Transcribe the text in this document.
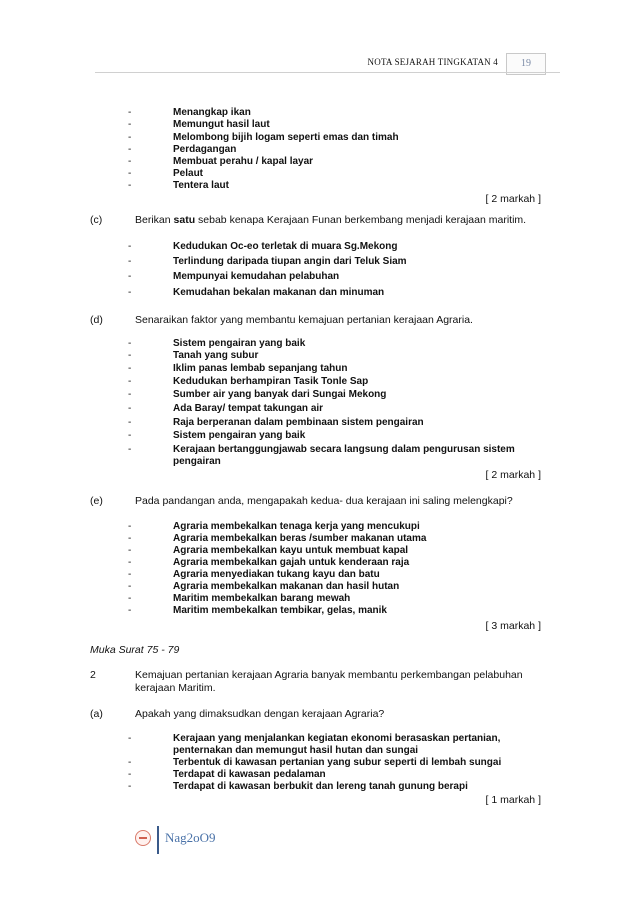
NOTA SEJARAH TINGKATAN 4	19
-	Menangkap ikan
-	Memungut hasil laut
-	Melombong bijih logam seperti emas dan timah
-	Perdagangan
-	Membuat perahu / kapal layar
-	Pelaut
-	Tentera laut
[ 2 markah ]
(c)	Berikan satu sebab kenapa Kerajaan Funan berkembang menjadi kerajaan maritim.
-	Kedudukan Oc-eo terletak di muara Sg.Mekong
-	Terlindung daripada tiupan angin dari Teluk Siam
-	Mempunyai kemudahan pelabuhan
-	Kemudahan bekalan makanan dan minuman
(d)	Senaraikan faktor yang membantu kemajuan pertanian kerajaan Agraria.
-	Sistem pengairan yang baik
-	Tanah yang subur
-	Iklim panas lembab sepanjang tahun
-	Kedudukan berhampiran Tasik Tonle Sap
-	Sumber air yang banyak dari Sungai Mekong
-	Ada Baray/ tempat takungan air
-	Raja berperanan dalam pembinaan sistem pengairan
-	Sistem pengairan yang baik
-	Kerajaan bertanggungjawab secara langsung dalam pengurusan sistem
pengairan
[ 2 markah ]
(e)	Pada pandangan anda, mengapakah kedua- dua kerajaan ini saling melengkapi?
-	Agraria membekalkan tenaga kerja yang mencukupi
-	Agraria membekalkan beras /sumber makanan utama
-	Agraria membekalkan kayu untuk membuat kapal
-	Agraria membekalkan gajah untuk kenderaan raja
-	Agraria menyediakan tukang kayu dan batu
-	Agraria membekalkan makanan dan hasil hutan
-	Maritim membekalkan barang mewah
-	Maritim membekalkan tembikar, gelas, manik
[ 3 markah ]
Muka Surat 75 - 79
2	Kemajuan pertanian kerajaan Agraria banyak membantu perkembangan pelabuhan
kerajaan Maritim.
(a)	Apakah yang dimaksudkan dengan kerajaan Agraria?
-	Kerajaan yang menjalankan kegiatan ekonomi berasaskan pertanian,
penternakan dan memungut hasil hutan dan sungai
-	Terbentuk di kawasan pertanian yang subur seperti di lembah sungai
-	Terdapat di kawasan pedalaman
-	Terdapat di kawasan berbukit dan lereng tanah gunung berapi
[ 1 markah ]
Nag2oO9
